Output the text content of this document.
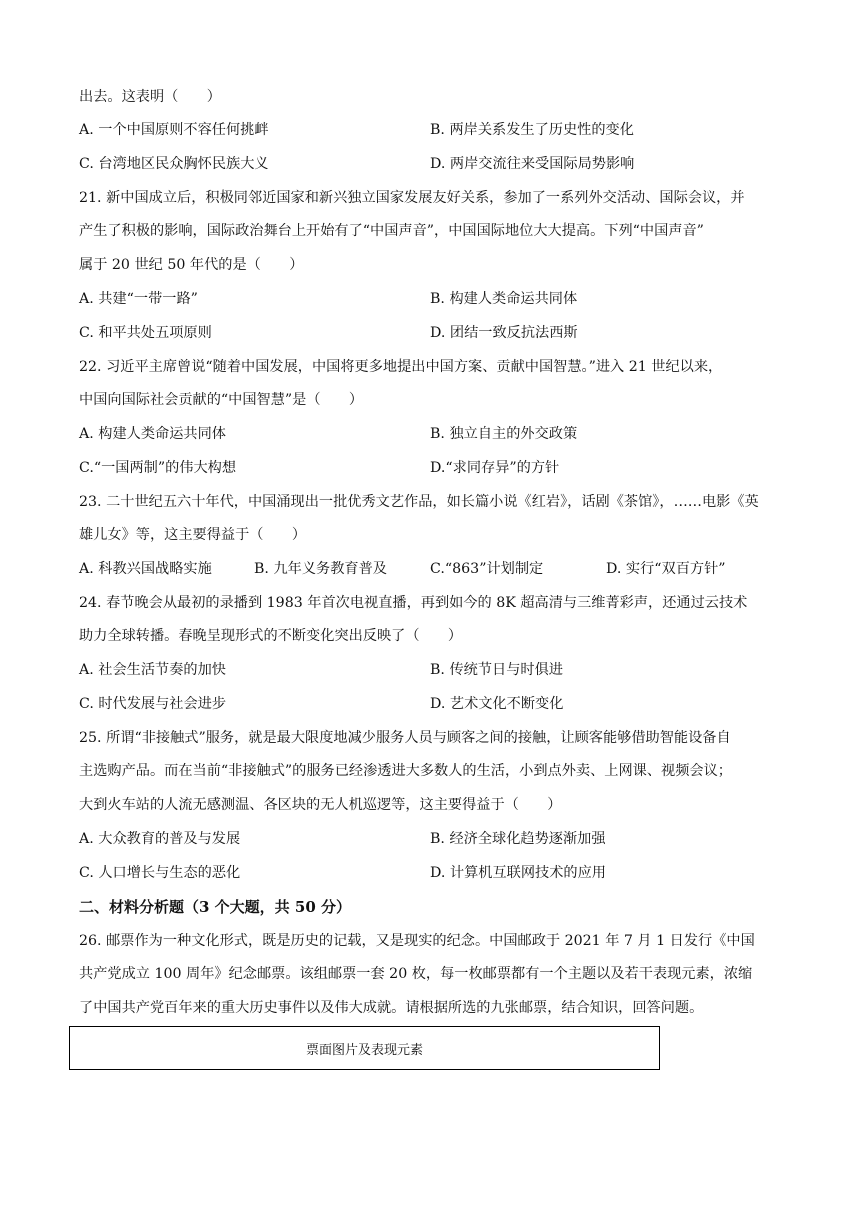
出去。这表明（　　）
A. 一个中国原则不容任何挑衅	B. 两岸关系发生了历史性的变化
C. 台湾地区民众胸怀民族大义	D. 两岸交流往来受国际局势影响
21. 新中国成立后，积极同邻近国家和新兴独立国家发展友好关系，参加了一系列外交活动、国际会议，并
产生了积极的影响，国际政治舞台上开始有了“中国声音”，中国国际地位大大提高。下列“中国声音”
属于 20 世纪 50 年代的是（　　）
A. 共建“一带一路”	B. 构建人类命运共同体
C. 和平共处五项原则	D. 团结一致反抗法西斯
22. 习近平主席曾说“随着中国发展，中国将更多地提出中国方案、贡献中国智慧。”进入 21 世纪以来，
中国向国际社会贡献的“中国智慧”是（　　）
A. 构建人类命运共同体	B. 独立自主的外交政策
C.“一国两制”的伟大构想	D.“求同存异”的方针
23. 二十世纪五六十年代，中国涌现出一批优秀文艺作品，如长篇小说《红岩》，话剧《茶馆》，……电影《英
雄儿女》等，这主要得益于（　　）
A. 科教兴国战略实施	B. 九年义务教育普及	C.“863”计划制定	D. 实行“双百方针”
24. 春节晚会从最初的录播到 1983 年首次电视直播，再到如今的 8K 超高清与三维菁彩声，还通过云技术
助力全球转播。春晚呈现形式的不断变化突出反映了（　　）
A. 社会生活节奏的加快	B. 传统节日与时俱进
C. 时代发展与社会进步	D. 艺术文化不断变化
25. 所谓“非接触式”服务，就是最大限度地减少服务人员与顾客之间的接触，让顾客能够借助智能设备自
主选购产品。而在当前“非接触式”的服务已经渗透进大多数人的生活，小到点外卖、上网课、视频会议；
大到火车站的人流无感测温、各区块的无人机巡逻等，这主要得益于（　　）
A. 大众教育的普及与发展	B. 经济全球化趋势逐渐加强
C. 人口增长与生态的恶化	D. 计算机互联网技术的应用
二、材料分析题（3 个大题，共 50 分）
26. 邮票作为一种文化形式，既是历史的记载，又是现实的纪念。中国邮政于 2021 年 7 月 1 日发行《中国
共产党成立 100 周年》纪念邮票。该组邮票一套 20 枚，每一枚邮票都有一个主题以及若干表现元素，浓缩
了中国共产党百年来的重大历史事件以及伟大成就。请根据所选的九张邮票，结合知识，回答问题。
票面图片及表现元素
